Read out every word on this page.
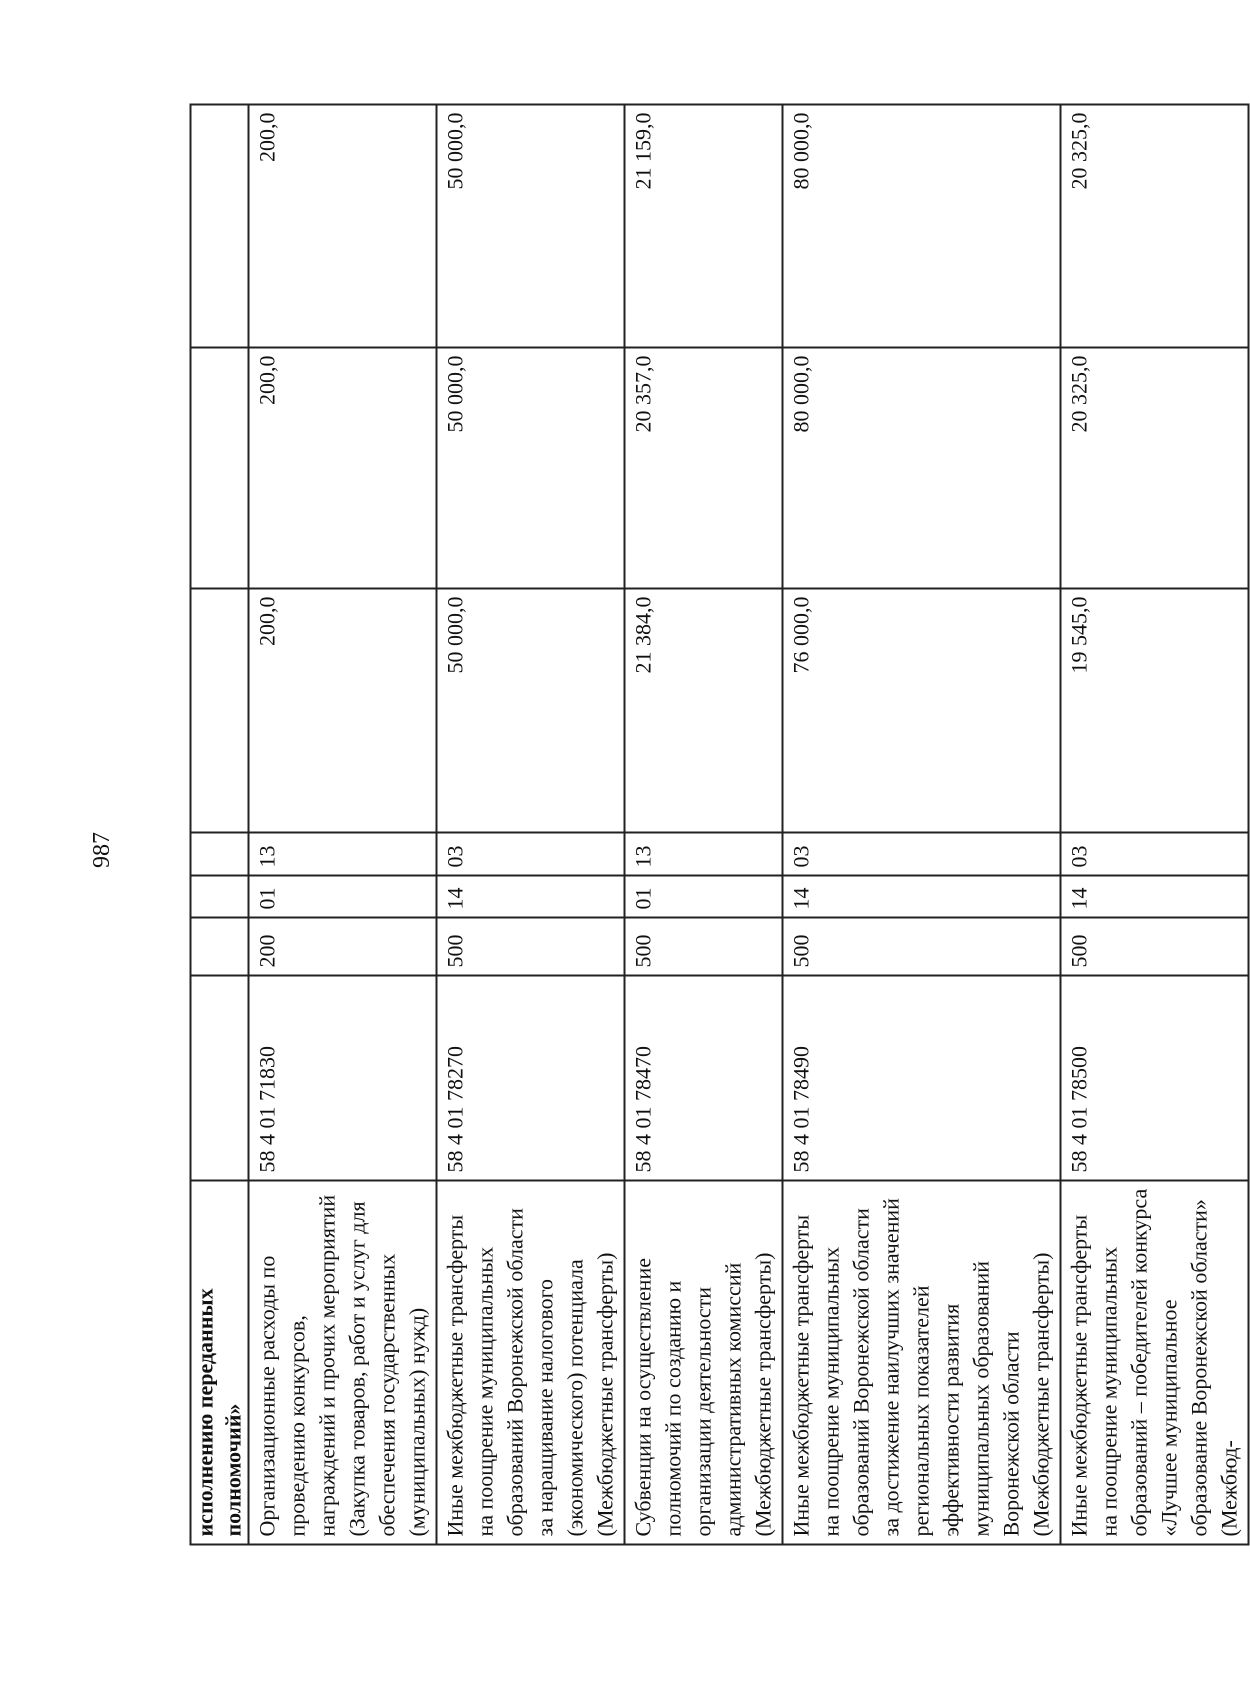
987
исполнению переданных полномочий»							
Организационные расходы по проведению конкурсов, награждений и прочих мероприятий (Закупка товаров, работ и услуг для обеспечения государственных (муниципальных) нужд)	58 4 01 71830	200	01	13	200,0	200,0	200,0
Иные межбюджетные трансферты на поощрение муниципальных образований Воронежской области за наращивание налогового (экономического) потенциала (Межбюджетные трансферты)	58 4 01 78270	500	14	03	50 000,0	50 000,0	50 000,0
Субвенции на осуществление полномочий по созданию и организации деятельности административных комиссий (Межбюджетные трансферты)	58 4 01 78470	500	01	13	21 384,0	20 357,0	21 159,0
Иные межбюджетные трансферты на поощрение муниципальных образований Воронежской области за достижение наилучших значений региональных показателей эффективности развития муниципальных образований Воронежской области (Межбюджетные трансферты)	58 4 01 78490	500	14	03	76 000,0	80 000,0	80 000,0
Иные межбюджетные трансферты на поощрение муниципальных образований – победителей конкурса «Лучшее муниципальное образование Воронежской области» (Межбюд-	58 4 01 78500	500	14	03	19 545,0	20 325,0	20 325,0
